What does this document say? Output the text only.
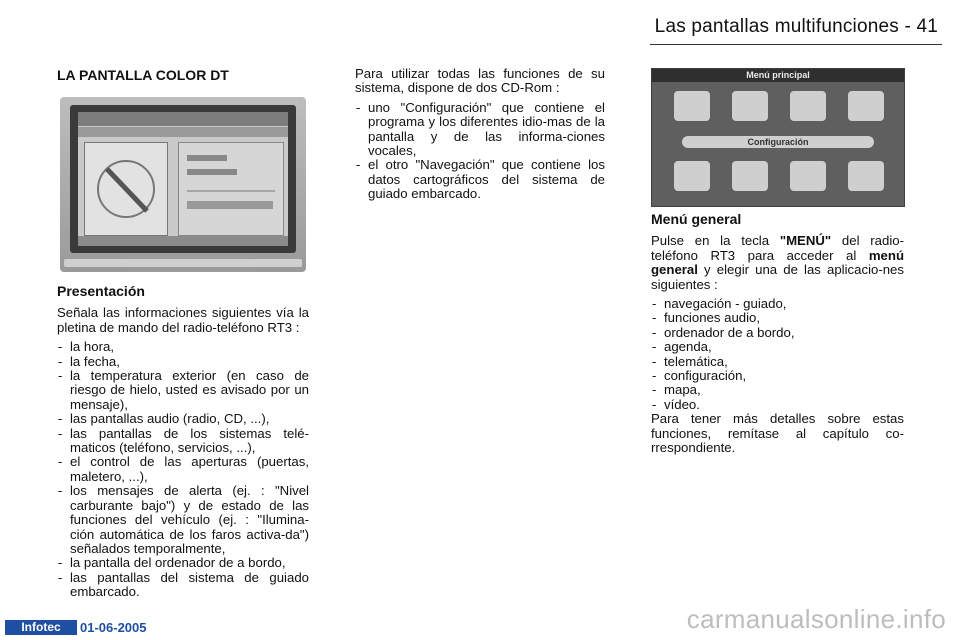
Las pantallas multifunciones - 41
LA PANTALLA COLOR DT
Presentación

Señala las informaciones siguientes vía la pletina de mando del radio-teléfono RT3 :

- la hora,
- la fecha,
- la temperatura exterior (en caso de riesgo de hielo, usted es avisado por un mensaje),
- las pantallas audio (radio, CD, ...),
- las pantallas de los sistemas telé-maticos (teléfono, servicios, ...),
- el control de las aperturas (puertas, maletero, ...),
- los mensajes de alerta (ej. : "Nivel carburante bajo") y de estado de las funciones del vehículo (ej. : "Ilumina-ción automática de los faros activa-da") señalados temporalmente,
- la pantalla del ordenador de a bordo,
- las pantallas del sistema de guiado embarcado.

Para utilizar todas las funciones de su sistema, dispone de dos CD-Rom :

- uno "Configuración" que contiene el programa y los diferentes idio-mas de la pantalla y de las informa-ciones vocales,
- el otro "Navegación" que contiene los datos cartográficos del sistema de guiado embarcado.
Menú principal
Configuración
Menú general

Pulse en la tecla "MENÚ" del radio-teléfono RT3 para acceder al menú general y elegir una de las aplicacio-nes siguientes :

- navegación - guiado,
- funciones audio,
- ordenador de a bordo,
- agenda,
- telemática,
- configuración,
- mapa,
- vídeo.

Para tener más detalles sobre estas funciones, remítase al capítulo co-rrespondiente.

Infotec	01-06-2005	carmanualsonline.info
